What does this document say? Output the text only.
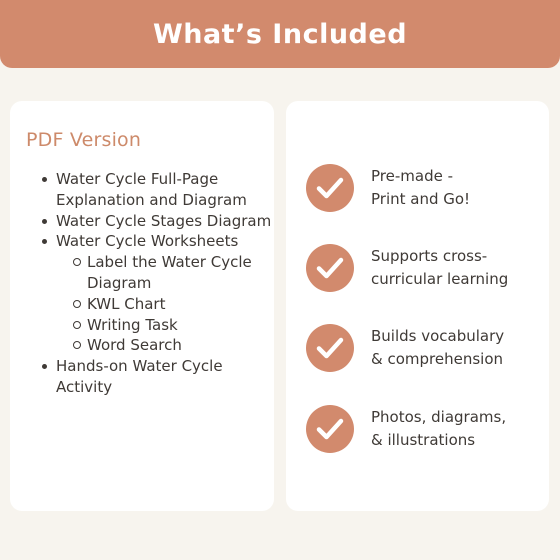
What’s Included
PDF Version
Water Cycle Full-Page Explanation and Diagram
Water Cycle Stages Diagram
Water Cycle Worksheets
Label the Water Cycle Diagram
KWL Chart
Writing Task
Word Search
Hands-on Water Cycle Activity
Pre-made -
Print and Go!
Supports cross-
curricular learning
Builds vocabulary
& comprehension
Photos, diagrams,
& illustrations
